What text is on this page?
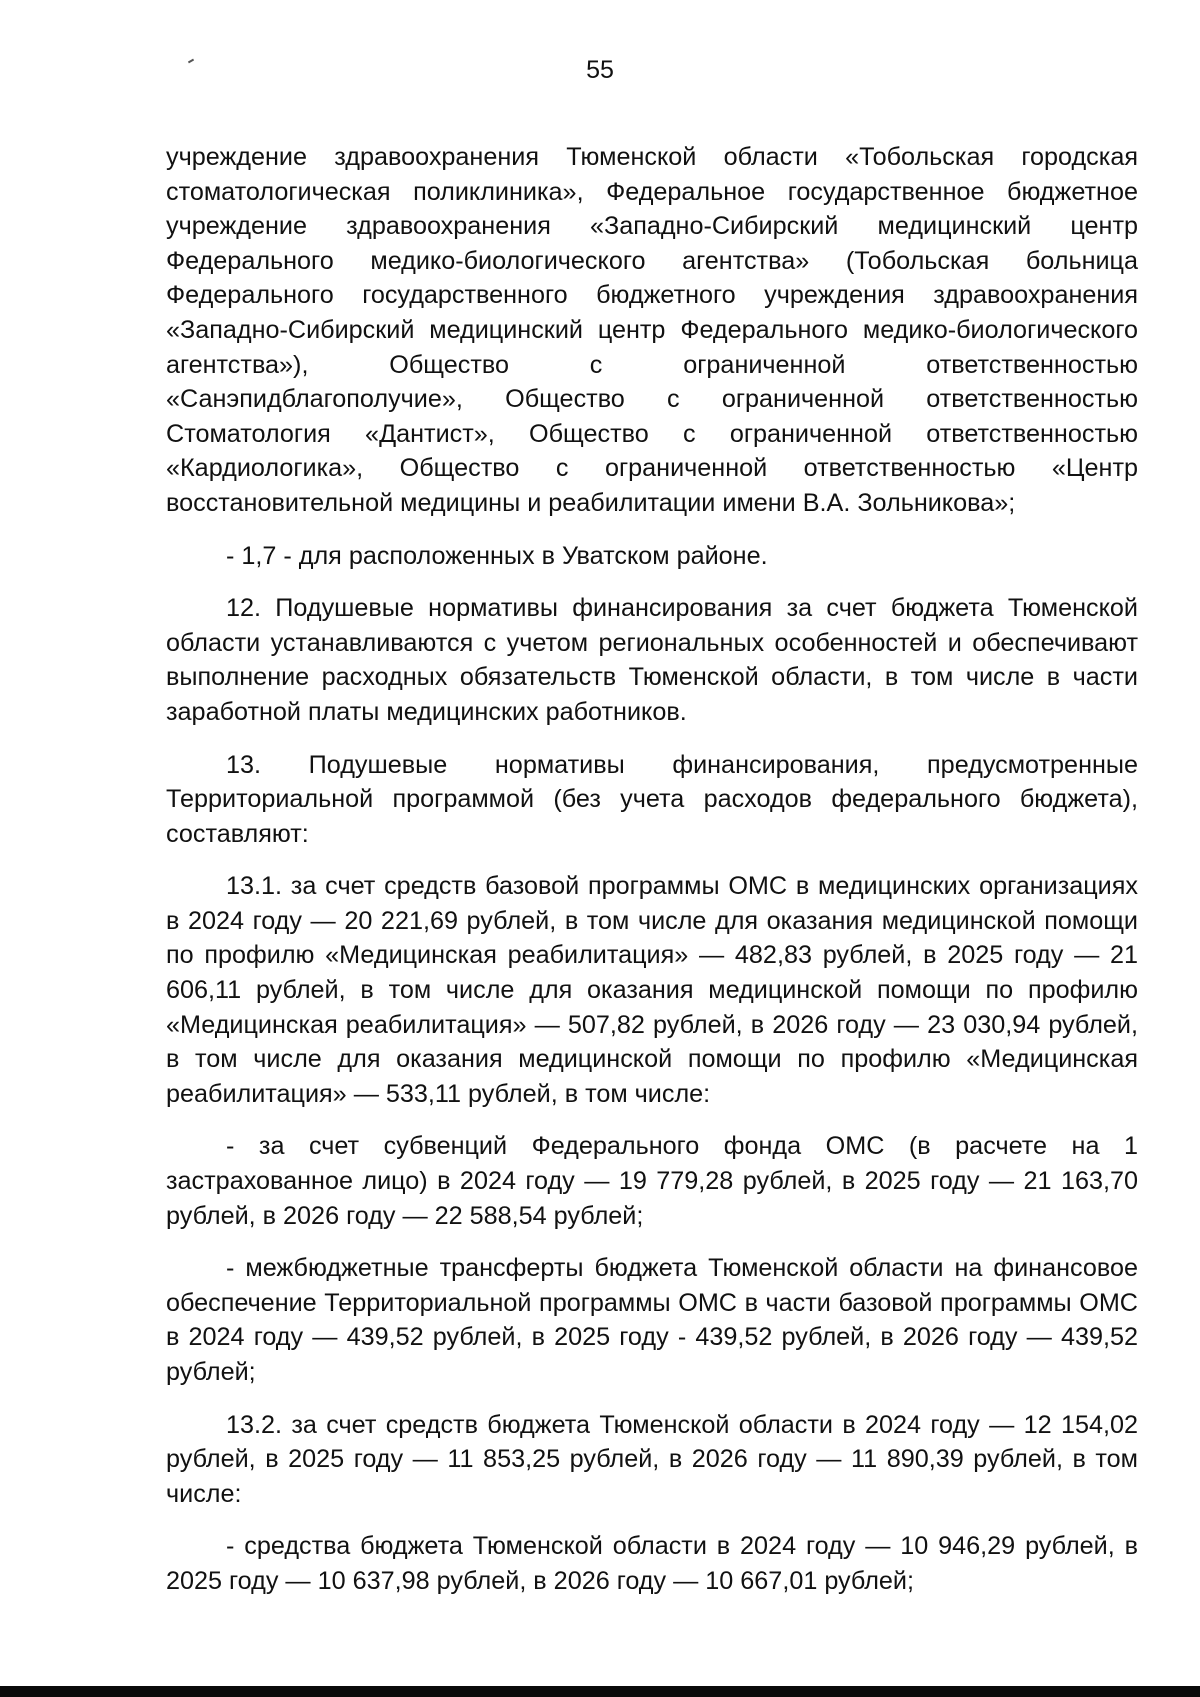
55

учреждение здравоохранения Тюменской области «Тобольская городская стоматологическая поликлиника», Федеральное государственное бюджетное учреждение здравоохранения «Западно-Сибирский медицинский центр Федерального медико-биологического агентства» (Тобольская больница Федерального государственного бюджетного учреждения здравоохранения «Западно-Сибирский медицинский центр Федерального медико-биологического агентства»), Общество с ограниченной ответственностью «Санэпидблагополучие», Общество с ограниченной ответственностью Стоматология «Дантист», Общество с ограниченной ответственностью «Кардиологика», Общество с ограниченной ответственностью «Центр восстановительной медицины и реабилитации имени В.А. Зольникова»;

- 1,7 - для расположенных в Уватском районе.

12. Подушевые нормативы финансирования за счет бюджета Тюменской области устанавливаются с учетом региональных особенностей и обеспечивают выполнение расходных обязательств Тюменской области, в том числе в части заработной платы медицинских работников.

13. Подушевые нормативы финансирования, предусмотренные Территориальной программой (без учета расходов федерального бюджета), составляют:

13.1. за счет средств базовой программы ОМС в медицинских организациях в 2024 году — 20 221,69 рублей, в том числе для оказания медицинской помощи по профилю «Медицинская реабилитация» — 482,83 рублей, в 2025 году — 21 606,11 рублей, в том числе для оказания медицинской помощи по профилю «Медицинская реабилитация» — 507,82 рублей, в 2026 году — 23 030,94 рублей, в том числе для оказания медицинской помощи по профилю «Медицинская реабилитация» — 533,11 рублей, в том числе:

- за счет субвенций Федерального фонда ОМС (в расчете на 1 застрахованное лицо) в 2024 году — 19 779,28 рублей, в 2025 году — 21 163,70 рублей, в 2026 году — 22 588,54 рублей;

- межбюджетные трансферты бюджета Тюменской области на финансовое обеспечение Территориальной программы ОМС в части базовой программы ОМС в 2024 году — 439,52 рублей, в 2025 году - 439,52 рублей, в 2026 году — 439,52 рублей;

13.2. за счет средств бюджета Тюменской области в 2024 году — 12 154,02 рублей, в 2025 году — 11 853,25 рублей, в 2026 году — 11 890,39 рублей, в том числе:

- средства бюджета Тюменской области в 2024 году — 10 946,29 рублей, в 2025 году — 10 637,98 рублей, в 2026 году — 10 667,01 рублей;
